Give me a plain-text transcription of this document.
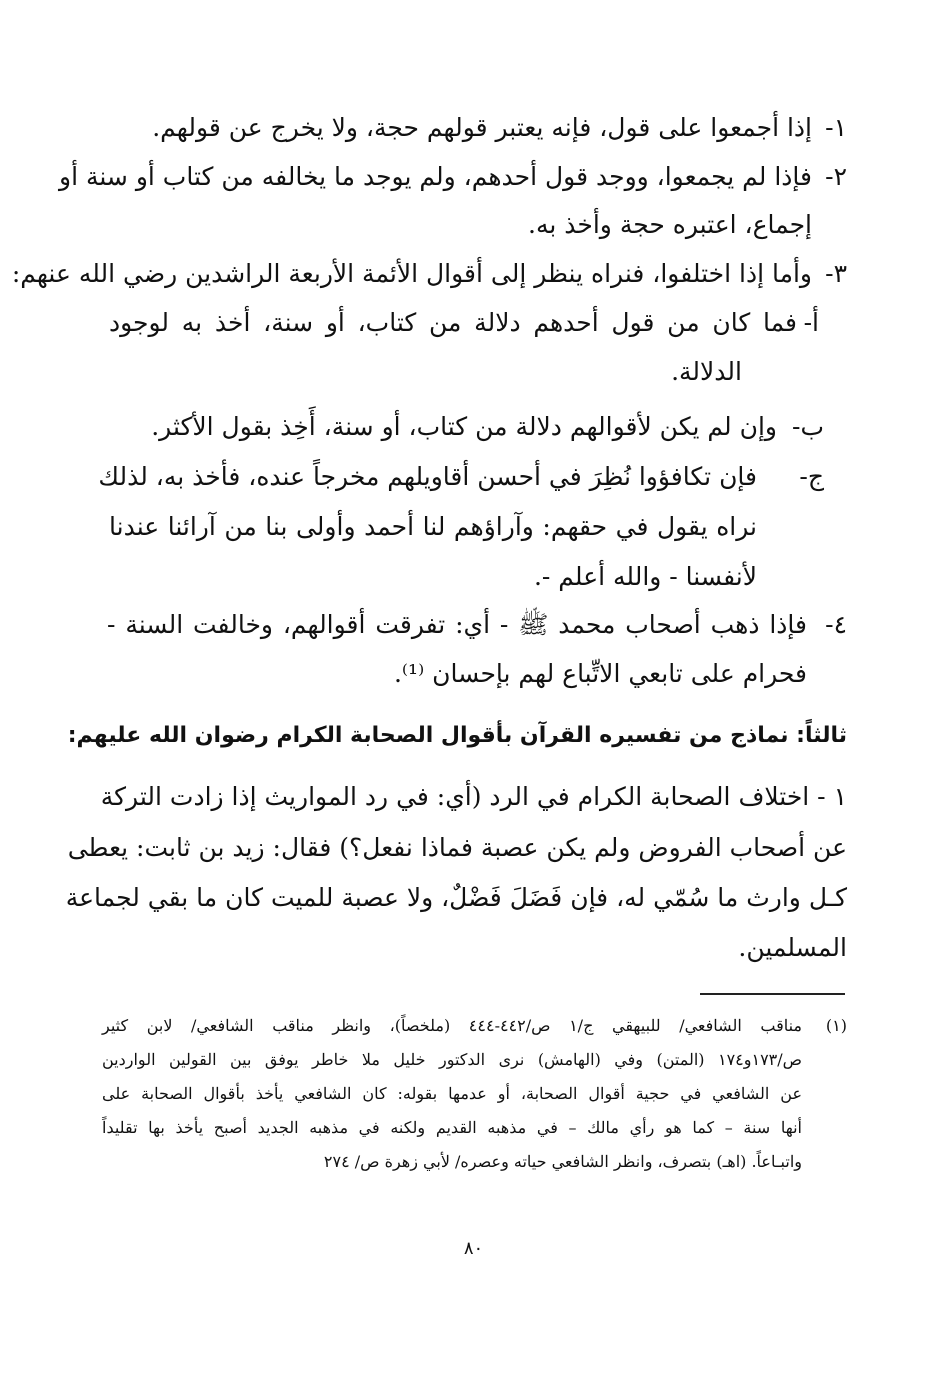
١-
إذا أجمعوا على قول، فإنه يعتبر قولهم حجة، ولا يخرج عن قولهم.
٢-
فإذا لم يجمعوا، ووجد قول أحدهم، ولم يوجد ما يخالفه من كتاب أو سنة أو
إجماع، اعتبره حجة وأخذ به.
٣-
وأما إذا اختلفوا، فنراه ينظر إلى أقوال الأئمة الأربعة الراشدين رضي الله عنهم:
أ-
فما كان من قول أحدهم دلالة من كتاب، أو سنة، أخذ به لوجود
الدلالة.
ب-
وإن لم يكن لأقوالهم دلالة من كتاب، أو سنة، أَخِذ بقول الأكثر.
ج-
فإن تكافؤوا نُظِرَ في أحسن أقاويلهم مخرجاً عنده، فأخذ به، لذلك
نراه يقول في حقهم: وآراؤهم لنا أحمد وأولى بنا من آرائنا عندنا
لأنفسنا - والله أعلم -.
٤-
فإذا ذهب أصحاب محمد ﷺ - أي: تفرقت أقوالهم، وخالفت السنة -
فحرام على تابعي الاتِّباع لهم بإحسان ⁽¹⁾.
ثالثاً: نماذج من تفسيره القرآن بأقوال الصحابة الكرام رضوان الله عليهم:
١ - اختلاف الصحابة الكرام في الرد (أي: في رد المواريث إذا زادت التركة
عن أصحاب الفروض ولم يكن عصبة فماذا نفعل؟) فقال: زيد بن ثابت: يعطى
كـل وارث ما سُمّي له، فإن فَضَلَ فَضْلٌ، ولا عصبة للميت كان ما بقي لجماعة
المسلمين.
(١)
مناقب الشافعي/ للبيهقي ج/١ ص/٤٤٢-٤٤٤ (ملخصاً)، وانظر مناقب الشافعي/ لابن كثير
ص/١٧٣و١٧٤ (المتن) وفي (الهامش) نرى الدكتور خليل ملا خاطر يوفق بين القولين الواردين
عن الشافعي في حجية أقوال الصحابة، أو عدمها بقوله: كان الشافعي يأخذ بأقوال الصحابة على
أنها سنة – كما هو رأي مالك – في مذهبه القديم ولكنه في مذهبه الجديد أصبح يأخذ بها تقليداً
واتبـاعاً. (اهـ) بتصرف، وانظر الشافعي حياته وعصره/ لأبي زهرة ص/ ٢٧٤
٨٠
